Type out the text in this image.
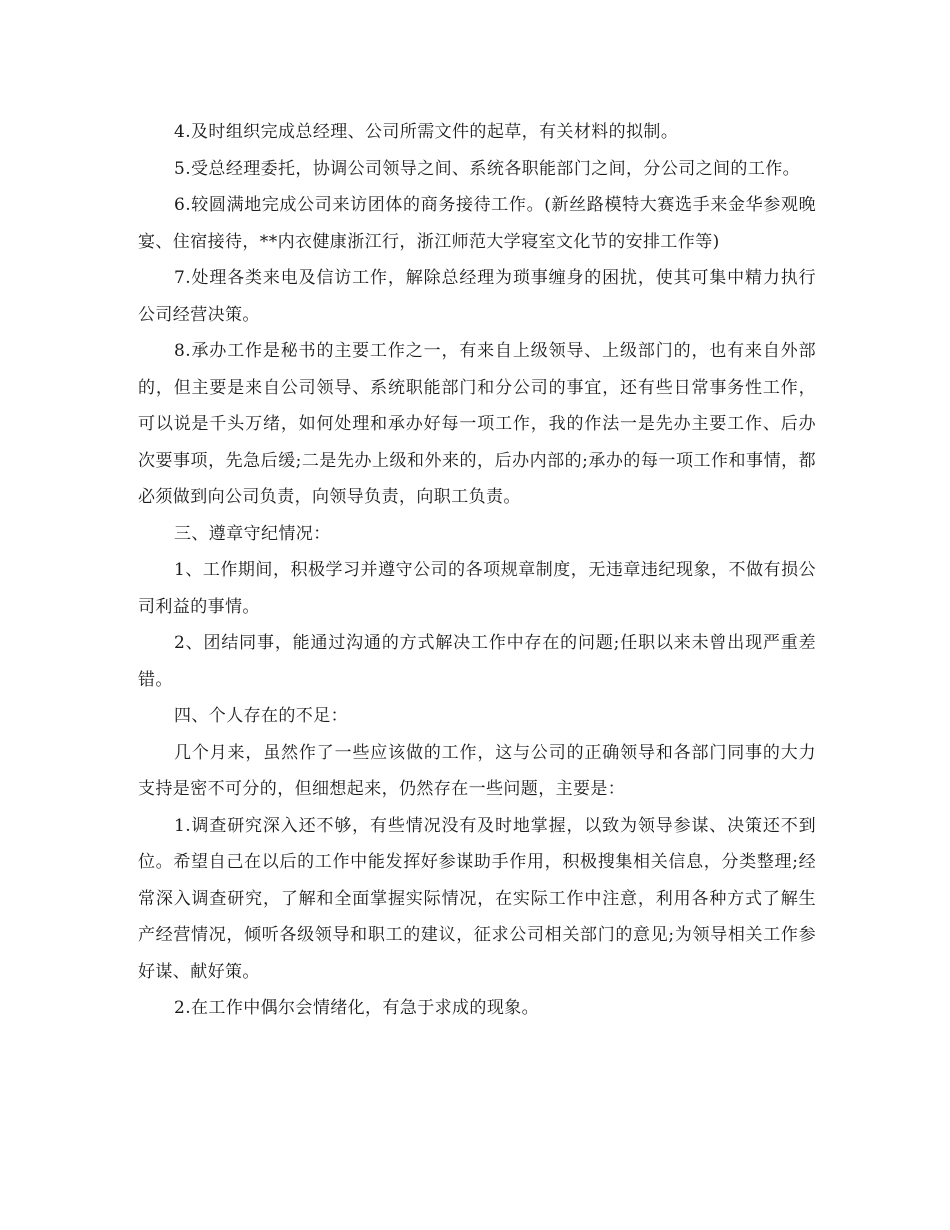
4.及时组织完成总经理、公司所需文件的起草，有关材料的拟制。

5.受总经理委托，协调公司领导之间、系统各职能部门之间，分公司之间的工作。

6.较圆满地完成公司来访团体的商务接待工作。(新丝路模特大赛选手来金华参观晚宴、住宿接待，**内衣健康浙江行，浙江师范大学寝室文化节的安排工作等)

7.处理各类来电及信访工作，解除总经理为琐事缠身的困扰，使其可集中精力执行公司经营决策。

8.承办工作是秘书的主要工作之一，有来自上级领导、上级部门的，也有来自外部的，但主要是来自公司领导、系统职能部门和分公司的事宜，还有些日常事务性工作，可以说是千头万绪，如何处理和承办好每一项工作，我的作法一是先办主要工作、后办次要事项，先急后缓;二是先办上级和外来的，后办内部的;承办的每一项工作和事情，都必须做到向公司负责，向领导负责，向职工负责。

三、遵章守纪情况：

1、工作期间，积极学习并遵守公司的各项规章制度，无违章违纪现象，不做有损公司利益的事情。

2、团结同事，能通过沟通的方式解决工作中存在的问题;任职以来未曾出现严重差错。

四、个人存在的不足：

几个月来，虽然作了一些应该做的工作，这与公司的正确领导和各部门同事的大力支持是密不可分的，但细想起来，仍然存在一些问题，主要是：

1.调查研究深入还不够，有些情况没有及时地掌握，以致为领导参谋、决策还不到位。希望自己在以后的工作中能发挥好参谋助手作用，积极搜集相关信息，分类整理;经常深入调查研究，了解和全面掌握实际情况，在实际工作中注意，利用各种方式了解生产经营情况，倾听各级领导和职工的建议，征求公司相关部门的意见;为领导相关工作参好谋、献好策。

2.在工作中偶尔会情绪化，有急于求成的现象。
